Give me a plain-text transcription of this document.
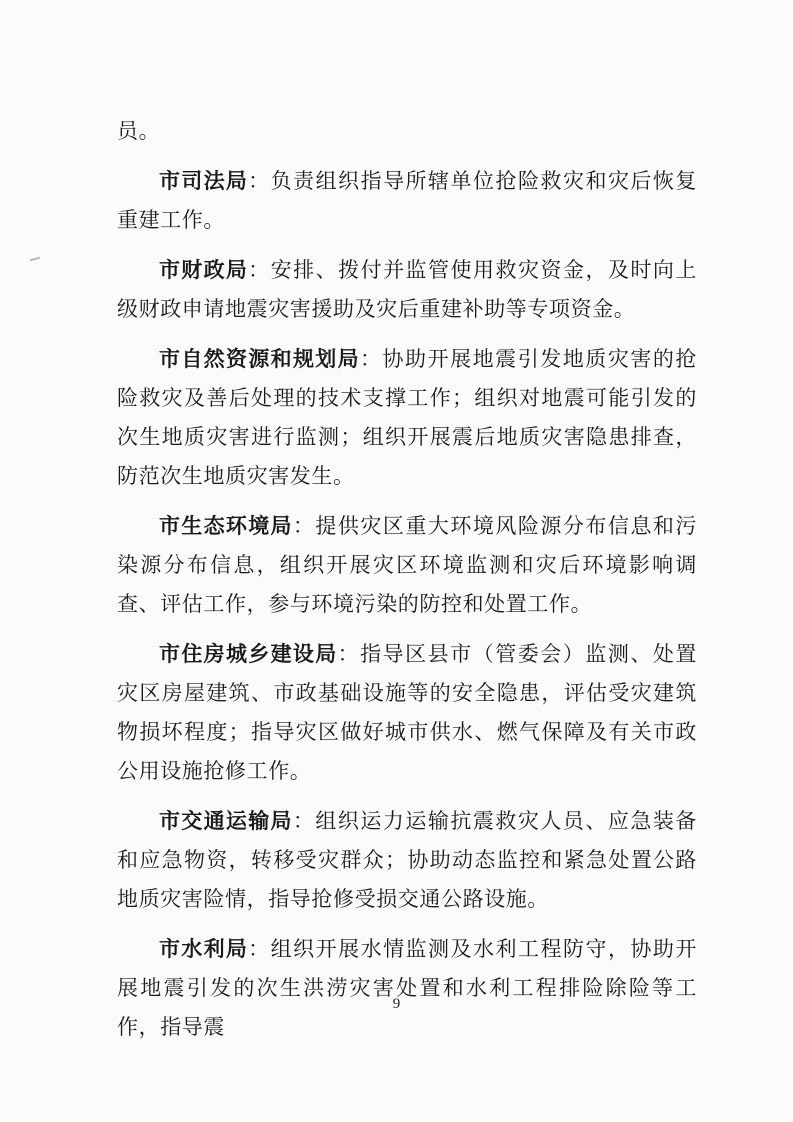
员。

市司法局：负责组织指导所辖单位抢险救灾和灾后恢复重建工作。

市财政局：安排、拨付并监管使用救灾资金，及时向上级财政申请地震灾害援助及灾后重建补助等专项资金。

市自然资源和规划局：协助开展地震引发地质灾害的抢险救灾及善后处理的技术支撑工作；组织对地震可能引发的次生地质灾害进行监测；组织开展震后地质灾害隐患排查，防范次生地质灾害发生。

市生态环境局：提供灾区重大环境风险源分布信息和污染源分布信息，组织开展灾区环境监测和灾后环境影响调查、评估工作，参与环境污染的防控和处置工作。

市住房城乡建设局：指导区县市（管委会）监测、处置灾区房屋建筑、市政基础设施等的安全隐患，评估受灾建筑物损坏程度；指导灾区做好城市供水、燃气保障及有关市政公用设施抢修工作。

市交通运输局：组织运力运输抗震救灾人员、应急装备和应急物资，转移受灾群众；协助动态监控和紧急处置公路地质灾害险情，指导抢修受损交通公路设施。

市水利局：组织开展水情监测及水利工程防守，协助开展地震引发的次生洪涝灾害处置和水利工程排险除险等工作，指导震

9
